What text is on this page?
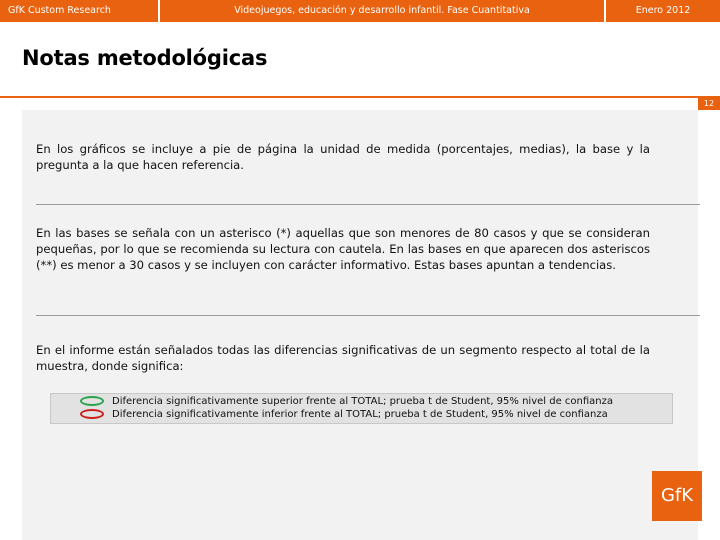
GfK Custom Research	Videojuegos, educación y desarrollo infantil. Fase Cuantitativa	Enero 2012
Notas metodológicas
12
En los gráficos se incluye a pie de página la unidad de medida (porcentajes, medias), la base y la pregunta a la que hacen referencia.
En las bases se señala con un asterisco (*) aquellas que son menores de 80 casos y que se consideran pequeñas, por lo que se recomienda su lectura con cautela. En las bases en que aparecen dos asteriscos (**) es menor a 30 casos y se incluyen con carácter informativo. Estas bases apuntan a tendencias.
En el informe están señalados todas las diferencias significativas de un segmento respecto al total de la muestra, donde significa:
Diferencia significativamente superior frente al TOTAL; prueba t de Student, 95% nivel de confianza
Diferencia significativamente inferior frente al TOTAL; prueba t de Student, 95% nivel de confianza
GfK
